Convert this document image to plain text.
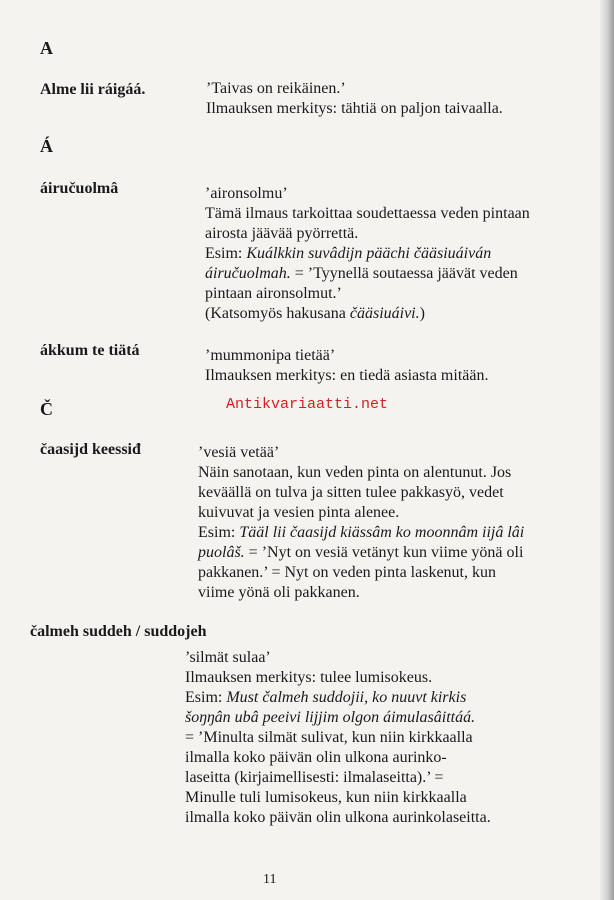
A
Alme lii ráigáá.	’Taivas on reikäinen.’
Ilmauksen merkitys: tähtiä on paljon taivaalla.
Á
áiručuolmâ	’aironsolmu’
Tämä ilmaus tarkoittaa soudettaessa veden pintaan
airosta jäävää pyörrettä.
Esim: Kuálkkin suvâdijn päächi čääsiuáiván
áiručuolmah. = ’Tyynellä soutaessa jäävät veden
pintaan aironsolmut.’
(Katsomyös hakusana čääsiuáivi.)
ákkum te tiätá	’mummonipa tietää’
Ilmauksen merkitys: en tiedä asiasta mitään.
Č	Antikvariaatti.net
čaasijd keessiđ	’vesiä vetää’
Näin sanotaan, kun veden pinta on alentunut. Jos
keväällä on tulva ja sitten tulee pakkasyö, vedet
kuivuvat ja vesien pinta alenee.
Esim: Tääl lii čaasijd kiässâm ko moonnâm iijâ lâi
puolâš. = ’Nyt on vesiä vetänyt kun viime yönä oli
pakkanen.’ = Nyt on veden pinta laskenut, kun
viime yönä oli pakkanen.
čalmeh suddeh / suddojeh
’silmät sulaa’
Ilmauksen merkitys: tulee lumisokeus.
Esim: Must čalmeh suddojii, ko nuuvt kirkis
šoŋŋân ubâ peeivi lijjim olgon áimulasâittáá.
= ’Minulta silmät sulivat, kun niin kirkkaalla
ilmalla koko päivän olin ulkona aurinko-
laseitta (kirjaimellisesti: ilmalaseitta).’ =
Minulle tuli lumisokeus, kun niin kirkkaalla
ilmalla koko päivän olin ulkona aurinkolaseitta.
11
